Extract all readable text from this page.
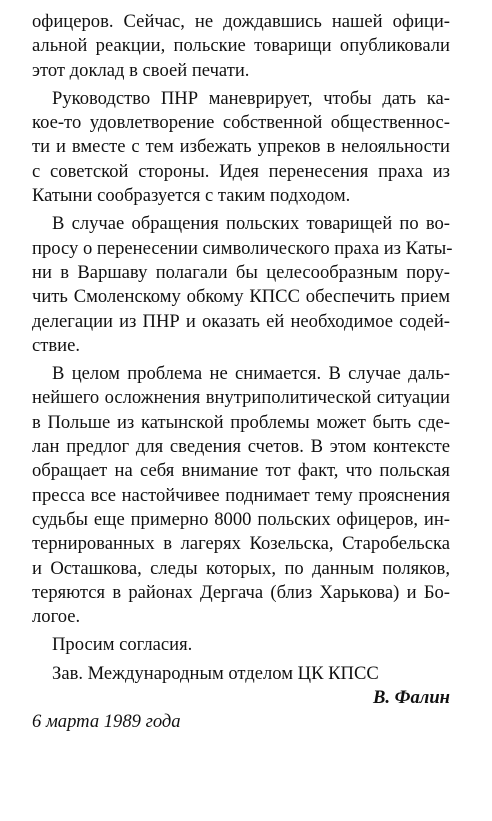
офицеров. Сейчас, не дождавшись нашей офици-
альной реакции, польские товарищи опубликовали
этот доклад в своей печати.
Руководство ПНР маневрирует, чтобы дать ка-
кое-то удовлетворение собственной общественнос-
ти и вместе с тем избежать упреков в нелояльности
с советской стороны. Идея перенесения праха из
Катыни сообразуется с таким подходом.
В случае обращения польских товарищей по во-
просу о перенесении символического праха из Каты-
ни в Варшаву полагали бы целесообразным пору-
чить Смоленскому обкому КПСС обеспечить прием
делегации из ПНР и оказать ей необходимое содей-
ствие.
В целом проблема не снимается. В случае даль-
нейшего осложнения внутриполитической ситуации
в Польше из катынской проблемы может быть сде-
лан предлог для сведения счетов. В этом контексте
обращает на себя внимание тот факт, что польская
пресса все настойчивее поднимает тему прояснения
судьбы еще примерно 8000 польских офицеров, ин-
тернированных в лагерях Козельска, Старобельска
и Осташкова, следы которых, по данным поляков,
теряются в районах Дергача (близ Харькова) и Бо-
логое.
Просим согласия.
Зав. Международным отделом ЦК КПСС
В. Фалин
6 марта 1989 года
